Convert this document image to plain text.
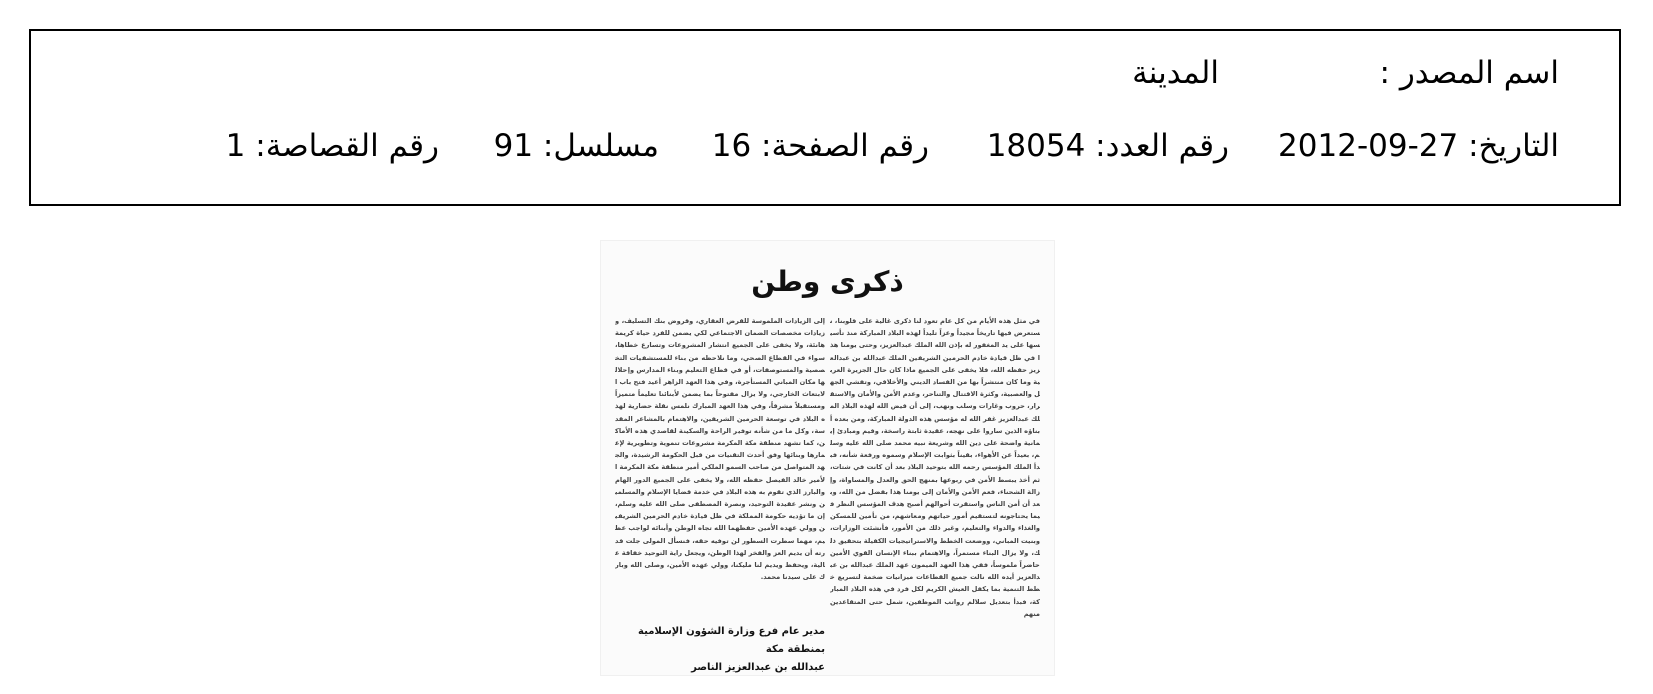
اسم المصدر :
المدينة
التاريخ: 27-09-2012
رقم العدد: 18054
رقم الصفحة: 16
مسلسل: 91
رقم القصاصة: 1
ذكرى وطن
في مثل هذه الأيام من كل عام تعود لنا ذكرى غالية على قلوبنا، نستعرض فيها تاريخاً مجيداً وعزاً تليداً لهذه البلاد المباركة منذ تأسيسها على يد المغفور له بإذن الله الملك عبدالعزيز، وحتى يومنا هذا في ظل قيادة خادم الحرمين الشريفين الملك عبدالله بن عبدالعزيز حفظه الله، فلا يخفى على الجميع ماذا كان حال الجزيرة العربية وما كان منتشراً بها من الفساد الديني والأخلاقي، وتفشي الجهل والعصبية، وكثرة الاقتتال والتناحر، وعدم الأمن والأمان والاستقرار، حروب وغارات وسلب ونهب، إلى أن قيض الله لهذه البلاد الملك عبدالعزيز غفر الله له مؤسس هذه الدولة المباركة، ومن بعده أبناؤه الذين ساروا على نهجه، عقيدة ثابتة راسخة، وقيم ومبادئ إيمانية واضحة على دين الله وشريعة نبيه محمد صلى الله عليه وسلم، بعيداً عن الأهواء، بقيناً بثوابت الإسلام وسموه ورفعة شأنه، فبدأ الملك المؤسس رحمه الله بتوحيد البلاد بعد أن كانت في شتات، ثم أخذ يبسط الأمن في ربوعها بمنهج الحق والعدل والمساواة، وإزالة الشحناء، فعم الأمن والأمان إلى يومنا هذا بفضل من الله، وبعد أن أمن الناس واستقرت أحوالهم أصبح هدف المؤسس النظر فيما يحتاجونه لتستقيم أمور حياتهم ومعاشهم، من تأمين للمسكن والغذاء والدواء والتعليم، وغير ذلك من الأمور، فأنشئت الوزارات، وبنيت المباني، ووضعت الخطط والاستراتيجيات الكفيلة بتحقيق ذلك، ولا يزال البناء مستمراً، والاهتمام ببناء الإنسان القوي الأمين حاضراً ملموساً، ففي هذا العهد الميمون عهد الملك عبدالله بن عبدالعزيز أيده الله نالت جميع القطاعات ميزانيات ضخمة لتسريع خطط التنمية بما يكفل العيش الكريم لكل فرد في هذه البلاد المباركة، فبدأ بتعديل سلالم رواتب الموظفين، شمل حتى المتقاعدين منهم
إلى الزيادات الملموسة للقرض العقاري، وقروض بنك التسليف، وزيادات مخصصات الضمان الاجتماعي لكي يضمن للفرد حياة كريمة هانئة، ولا يخفى على الجميع انتشار المشروعات وتسارع خطاها، سواء في القطاع الصحي، وما نلاحظه من بناء للمستشفيات التخصصية والمستوصفات، أو في قطاع التعليم وبناء المدارس وإحلالها مكان المباني المستأجرة، وفي هذا العهد الزاهر أعيد فتح باب الابتعاث الخارجي، ولا يزال مفتوحاً بما يضمن لأبنائنا تعليماً متميزاً ومستقبلاً مشرقاً، وفي هذا العهد المبارك نلمس نقلة حضارية لهذه البلاد في توسعة الحرمين الشريفين، والاهتمام بالمشاعر المقدسة، وكل ما من شأنه توفير الراحة والسكينة لقاصدي هذه الأماكن، كما تشهد منطقة مكة المكرمة مشروعات تنموية وتطويرية لإعمارها وبنائها وفق أحدث التقنيات من قبل الحكومة الرشيدة، والجهد المتواصل من صاحب السمو الملكي أمير منطقة مكة المكرمة الأمير خالد الفيصل حفظه الله، ولا يخفى على الجميع الدور الهام والبارز الذي تقوم به هذه البلاد في خدمة قضايا الإسلام والمسلمين ونشر عقيدة التوحيد، ونصرة المصطفى صلى الله عليه وسلم، إن ما تؤديه حكومة المملكة في ظل قيادة خادم الحرمين الشريفين وولي عهده الأمين حفظهما الله تجاه الوطن وأبنائه لواجب عظيم، مهما سطرت السطور لن توفيه حقه، فنسأل المولى جلت قدرته أن يديم العز والفخر لهذا الوطن، ويجعل راية التوحيد خفاقة عالية، ويحفظ ويديم لنا مليكنا، وولي عهده الأمين، وصلى الله وبارك على سيدنا محمد.
مدير عام فرع وزارة الشؤون الإسلامية بمنطقة مكة
عبدالله بن عبدالعزيز الناصر
